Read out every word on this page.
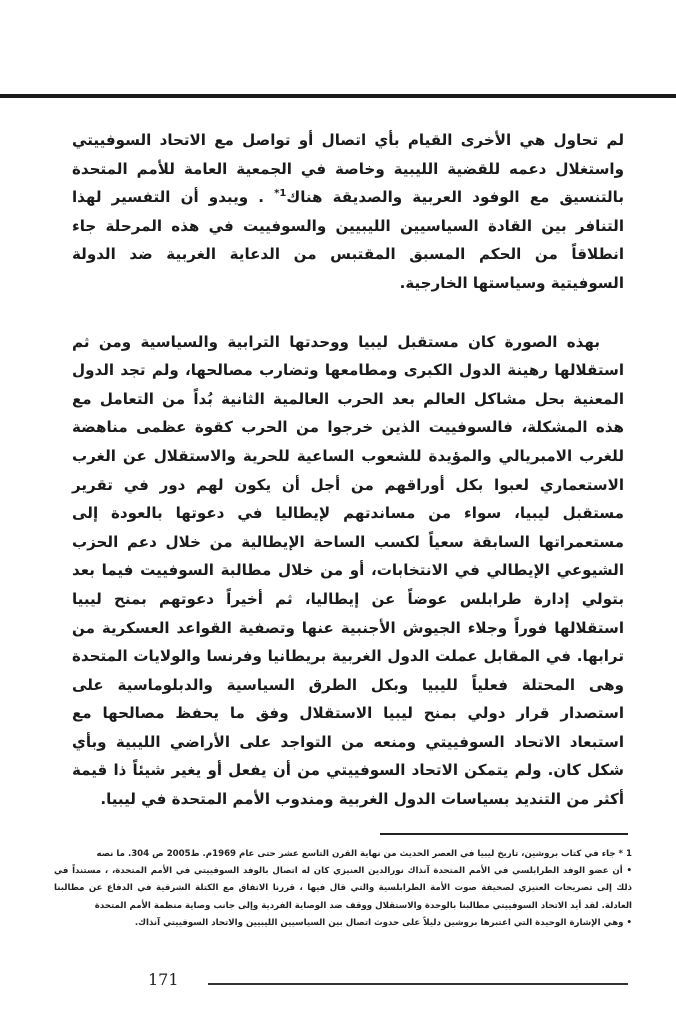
لم تحاول هي الأخرى القيام بأي اتصال أو تواصل مع الاتحاد السوفييتي واستغلال دعمه للقضية الليبية وخاصة في الجمعية العامة للأمم المتحدة بالتنسيق مع الوفود العربية والصديقة هناك$^{1*}$ . ويبدو أن التفسير لهذا التنافر بين القادة السياسيين الليبيين والسوفييت في هذه المرحلة جاء انطلاقاً من الحكم المسبق المقتبس من الدعاية الغربية ضد الدولة السوفيتية وسياستها الخارجية.

بهذه الصورة كان مستقبل ليبيا ووحدتها الترابية والسياسية ومن ثم استقلالها رهينة الدول الكبرى ومطامعها وتضارب مصالحها، ولم تجد الدول المعنية بحل مشاكل العالم بعد الحرب العالمية الثانية بُداً من التعامل مع هذه المشكلة، فالسوفييت الذين خرجوا من الحرب كقوة عظمى مناهضة للغرب الامبريالي والمؤيدة للشعوب الساعية للحرية والاستقلال عن الغرب الاستعماري لعبوا بكل أوراقهم من أجل أن يكون لهم دور في تقرير مستقبل ليبيا، سواء من مساندتهم لإيطاليا في دعوتها بالعودة إلى مستعمراتها السابقة سعياً لكسب الساحة الإيطالية من خلال دعم الحزب الشيوعي الإيطالي في الانتخابات، أو من خلال مطالبة السوفييت فيما بعد بتولي إدارة طرابلس عوضاً عن إيطاليا، ثم أخيراً دعوتهم بمنح ليبيا استقلالها فوراً وجلاء الجيوش الأجنبية عنها وتصفية القواعد العسكرية من ترابها. في المقابل عملت الدول الغربية بريطانيا وفرنسا والولايات المتحدة وهى المحتلة فعلياً لليبيا وبكل الطرق السياسية والدبلوماسية على استصدار قرار دولي بمنح ليبيا الاستقلال وفق ما يحفظ مصالحها مع استبعاد الاتحاد السوفييتي ومنعه من التواجد على الأراضي الليبية وبأي شكل كان. ولم يتمكن الاتحاد السوفييتي من أن يفعل أو يغير شيئاً ذا قيمة أكثر من التنديد بسياسات الدول الغربية ومندوب الأمم المتحدة في ليبيا.

1 * جاء في كتاب بروشين، تاريخ ليبيا في العصر الحديث من نهاية القرن التاسع عشر حتى عام 1969م. ط2005 ص 304. ما نصه

• أن عضو الوفد الطرابلسي في الأمم المتحدة آنذاك نورالدين العنيزي كان له اتصال بالوفد السوفييتي في الأمم المتحدة، ، مستنداً في ذلك إلى تصريحات العنيزي لصحيفة صوت الأمة الطرابلسية والتي قال فيها ، قررنا الاتفاق مع الكتلة الشرقية في الدفاع عن مطالبنا العادلة. لقد أيد الاتحاد السوفييتي مطالبنا بالوحدة والاستقلال ووقف ضد الوصاية الفردية وإلى جانب وصاية منظمة الأمم المتحدة

• وهي الإشارة الوحيدة التي اعتبرها بروشين دليلاً على حدوث اتصال بين السياسيين الليبيين والاتحاد السوفييتي آنذاك.

171
